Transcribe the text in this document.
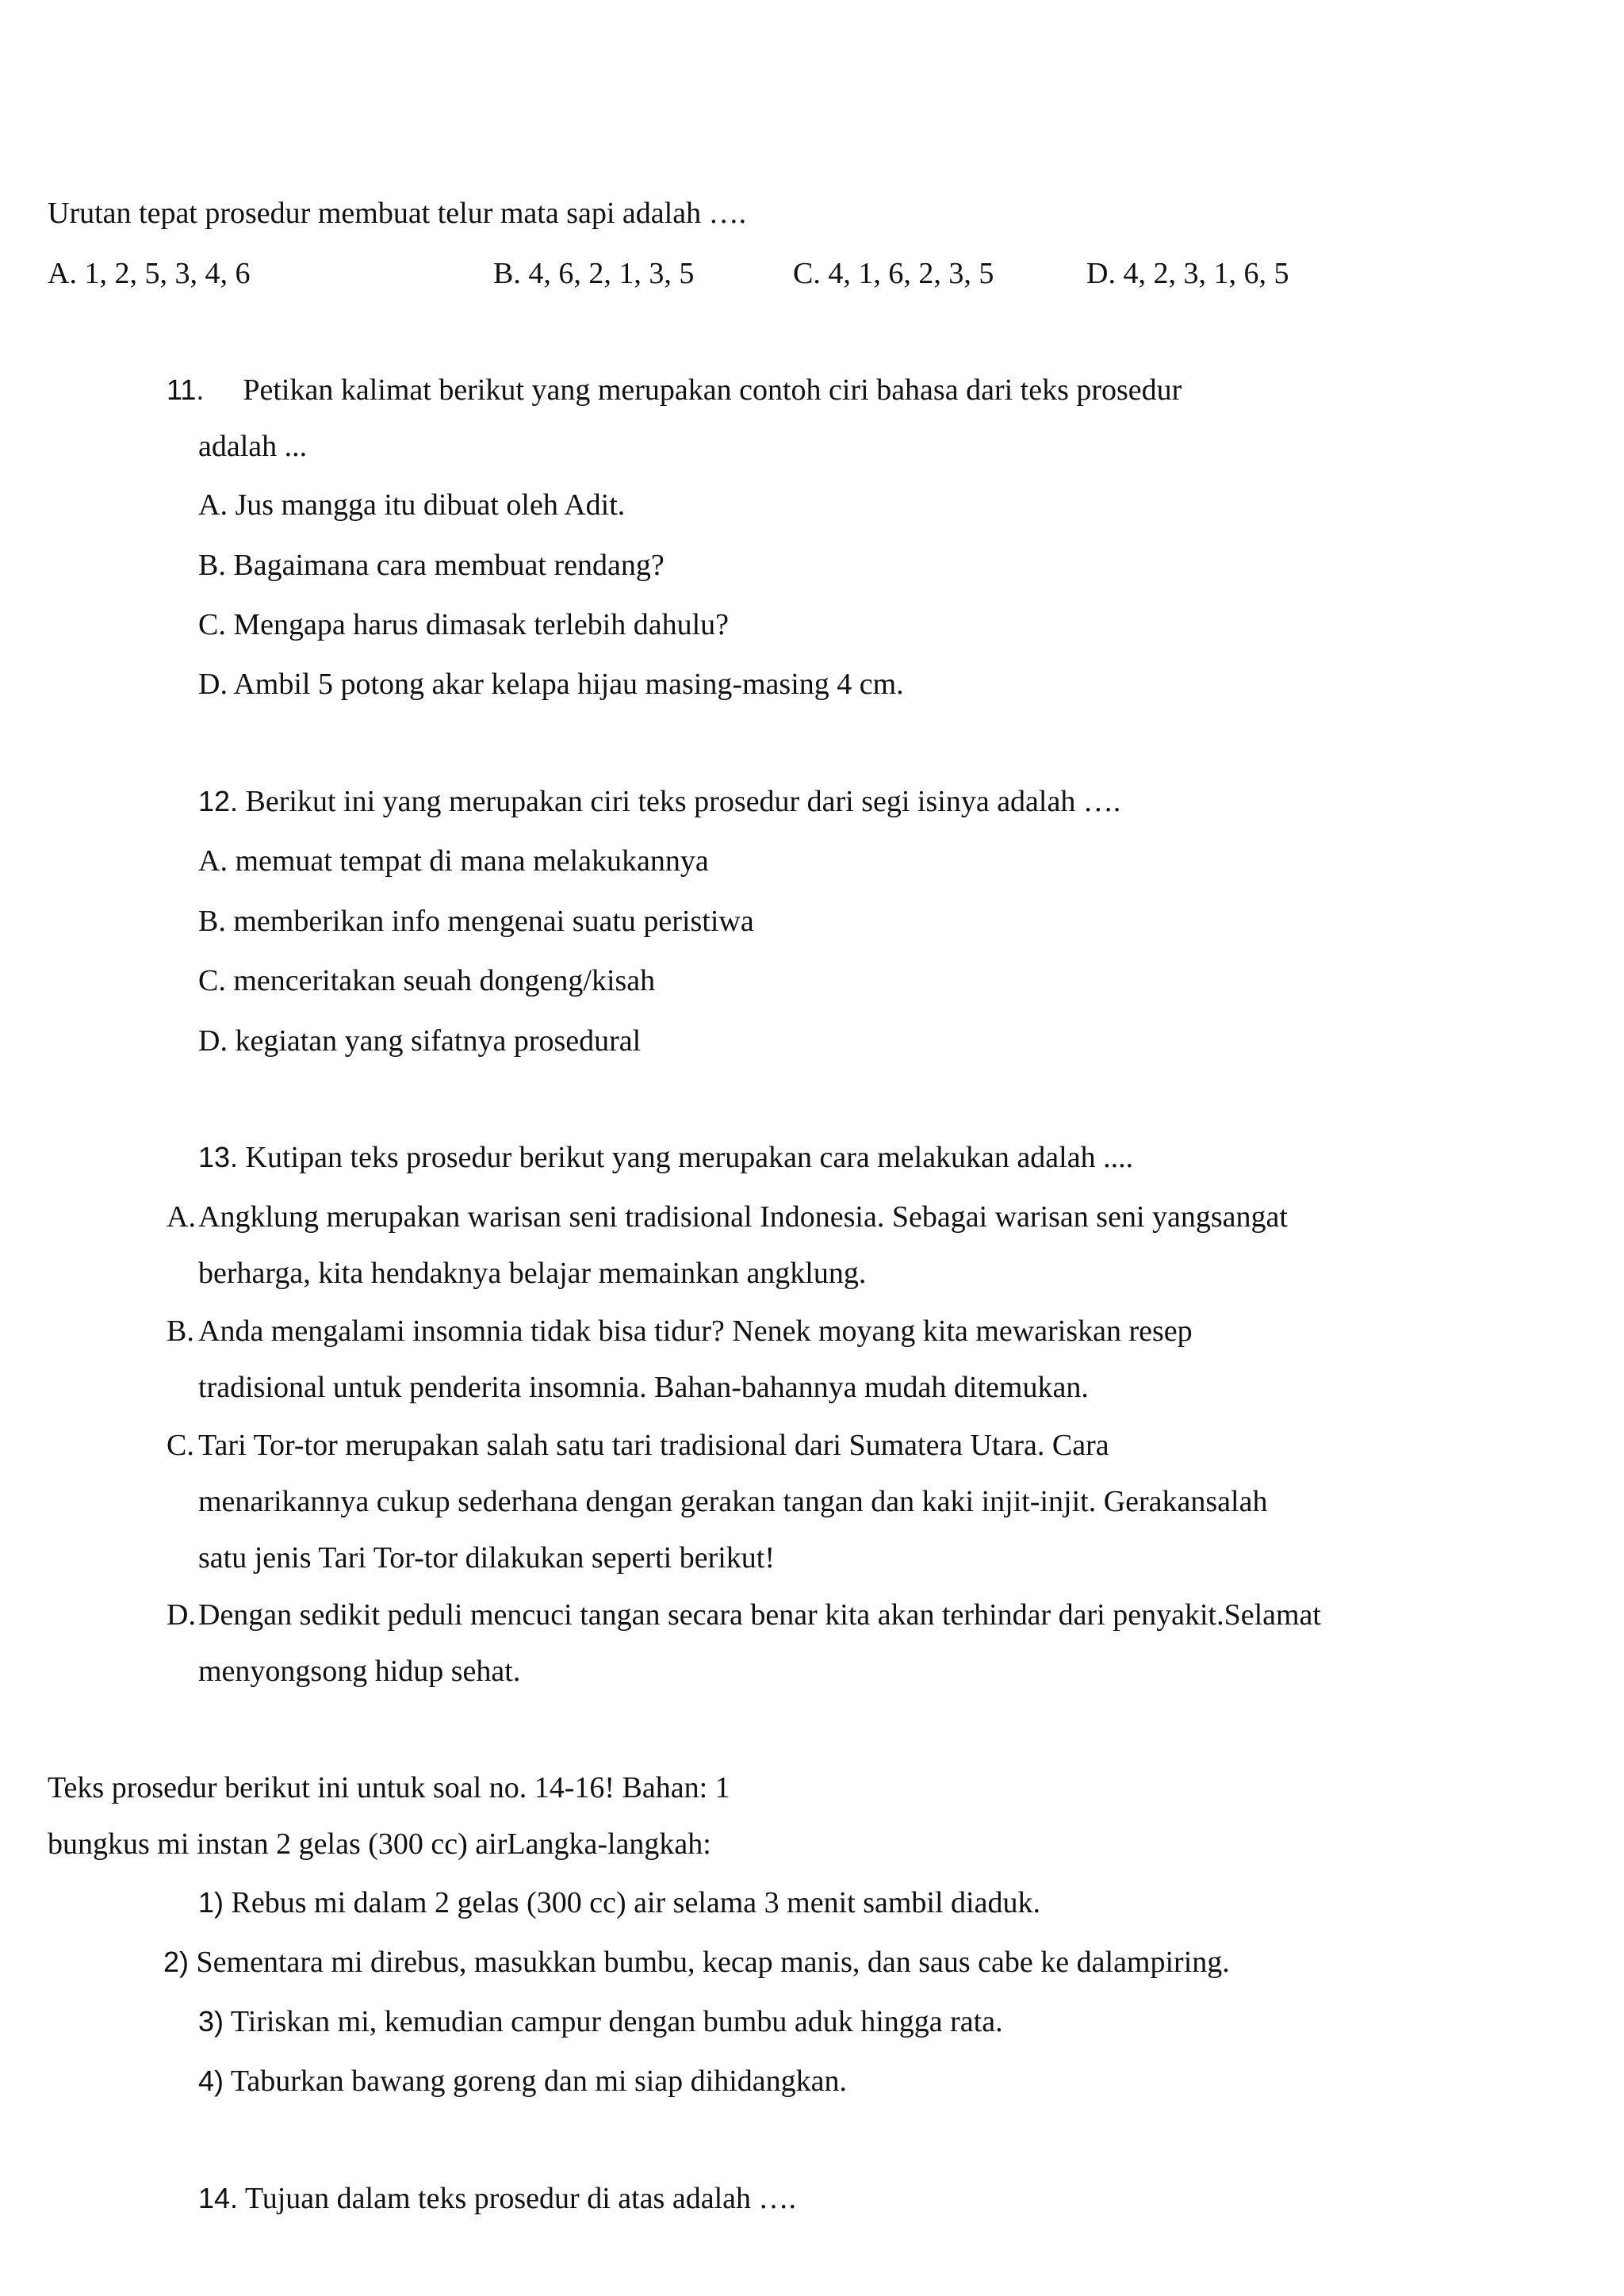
Urutan tepat prosedur membuat telur mata sapi adalah ….
A. 1, 2, 5, 3, 4, 6	B. 4, 6, 2, 1, 3, 5	C. 4, 1, 6, 2, 3, 5	D. 4, 2, 3, 1, 6, 5
11. Petikan kalimat berikut yang merupakan contoh ciri bahasa dari teks prosedur
adalah ...
A. Jus mangga itu dibuat oleh Adit.
B. Bagaimana cara membuat rendang?
C. Mengapa harus dimasak terlebih dahulu?
D. Ambil 5 potong akar kelapa hijau masing-masing 4 cm.
12. Berikut ini yang merupakan ciri teks prosedur dari segi isinya adalah ….
A. memuat tempat di mana melakukannya
B. memberikan info mengenai suatu peristiwa
C. menceritakan seuah dongeng/kisah
D. kegiatan yang sifatnya prosedural
13. Kutipan teks prosedur berikut yang merupakan cara melakukan adalah ....
A.Angklung merupakan warisan seni tradisional Indonesia. Sebagai warisan seni yangsangat
berharga, kita hendaknya belajar memainkan angklung.
B. Anda mengalami insomnia tidak bisa tidur? Nenek moyang kita mewariskan resep
tradisional untuk penderita insomnia. Bahan-bahannya mudah ditemukan.
C. Tari Tor-tor merupakan salah satu tari tradisional dari Sumatera Utara. Cara
menarikannya cukup sederhana dengan gerakan tangan dan kaki injit-injit. Gerakansalah
satu jenis Tari Tor-tor dilakukan seperti berikut!
D.Dengan sedikit peduli mencuci tangan secara benar kita akan terhindar dari penyakit.Selamat
menyongsong hidup sehat.
Teks prosedur berikut ini untuk soal no. 14-16! Bahan: 1
bungkus mi instan 2 gelas (300 cc) airLangka-langkah:
1) Rebus mi dalam 2 gelas (300 cc) air selama 3 menit sambil diaduk.
2) Sementara mi direbus, masukkan bumbu, kecap manis, dan saus cabe ke dalampiring.
3) Tiriskan mi, kemudian campur dengan bumbu aduk hingga rata.
4) Taburkan bawang goreng dan mi siap dihidangkan.
14. Tujuan dalam teks prosedur di atas adalah ….
